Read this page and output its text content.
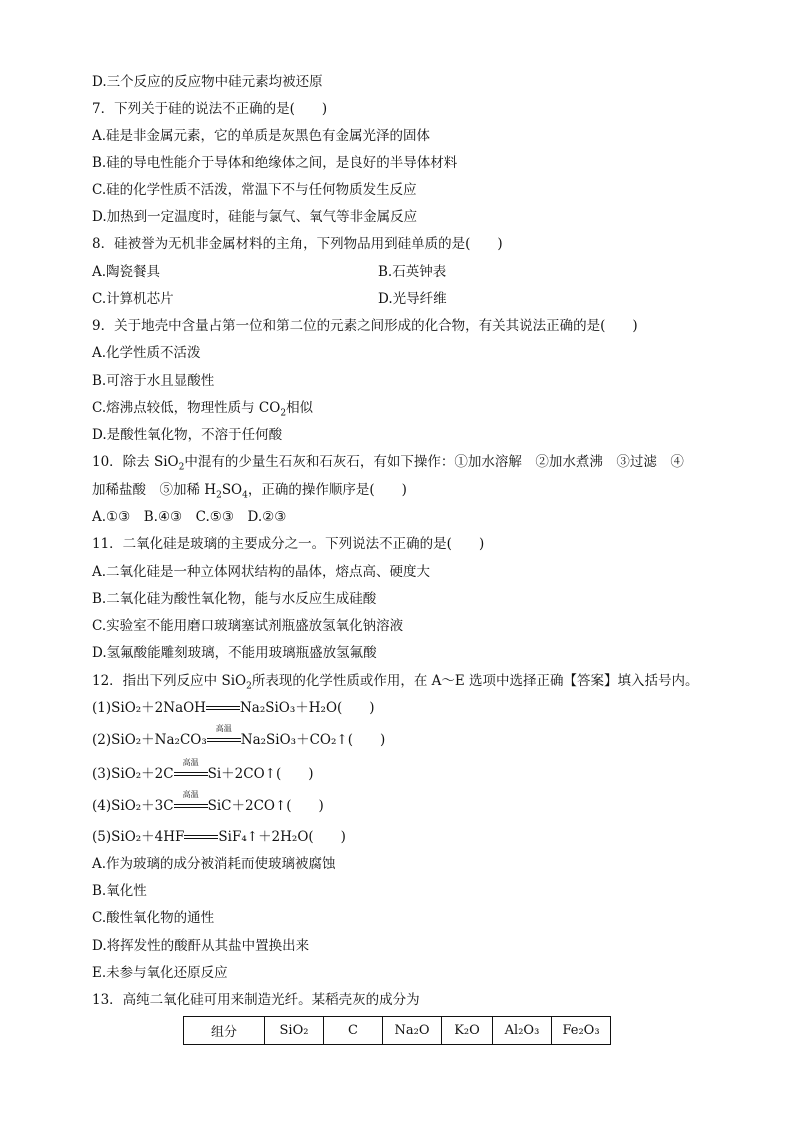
D.三个反应的反应物中硅元素均被还原
7．下列关于硅的说法不正确的是(　　)
A.硅是非金属元素，它的单质是灰黑色有金属光泽的固体
B.硅的导电性能介于导体和绝缘体之间，是良好的半导体材料
C.硅的化学性质不活泼，常温下不与任何物质发生反应
D.加热到一定温度时，硅能与氯气、氧气等非金属反应
8．硅被誉为无机非金属材料的主角，下列物品用到硅单质的是(　　)
A.陶瓷餐具	B.石英钟表
C.计算机芯片	D.光导纤维
9．关于地壳中含量占第一位和第二位的元素之间形成的化合物，有关其说法正确的是(　　)
A.化学性质不活泼
B.可溶于水且显酸性
C.熔沸点较低，物理性质与 $CO_2$相似
D.是酸性氧化物，不溶于任何酸
10．除去 SiO$_2$中混有的少量生石灰和石灰石，有如下操作：①加水溶解　②加水煮沸　③过滤　④
加稀盐酸　⑤加稀 $H_2SO_4$，正确的操作顺序是(　　)
A.①③　B.④③　C.⑤③　D.②③
11．二氧化硅是玻璃的主要成分之一。下列说法不正确的是(　　)
A.二氧化硅是一种立体网状结构的晶体，熔点高、硬度大
B.二氧化硅为酸性氧化物，能与水反应生成硅酸
C.实验室不能用磨口玻璃塞试剂瓶盛放氢氧化钠溶液
D.氢氟酸能雕刻玻璃，不能用玻璃瓶盛放氢氟酸
12．指出下列反应中 SiO$_2$所表现的化学性质或作用，在 A～E 选项中选择正确【答案】填入括号内。
(1)SiO₂＋2NaOH	Na₂SiO₃＋H₂O(　　)
(2)SiO₂＋Na₂CO₃
高温
Na₂SiO₃＋CO₂↑(　　)
(3)SiO₂＋2C
高温
Si＋2CO↑(　　)
(4)SiO₂＋3C
高温
SiC＋2CO↑(　　)
(5)SiO₂＋4HF	SiF₄↑＋2H₂O(　　)
A.作为玻璃的成分被消耗而使玻璃被腐蚀
B.氧化性
C.酸性氧化物的通性
D.将挥发性的酸酐从其盐中置换出来
E.未参与氧化还原反应
13．高纯二氧化硅可用来制造光纤。某稻壳灰的成分为
组分	SiO₂	C	Na₂O	K₂O	Al₂O₃	Fe₂O₃
